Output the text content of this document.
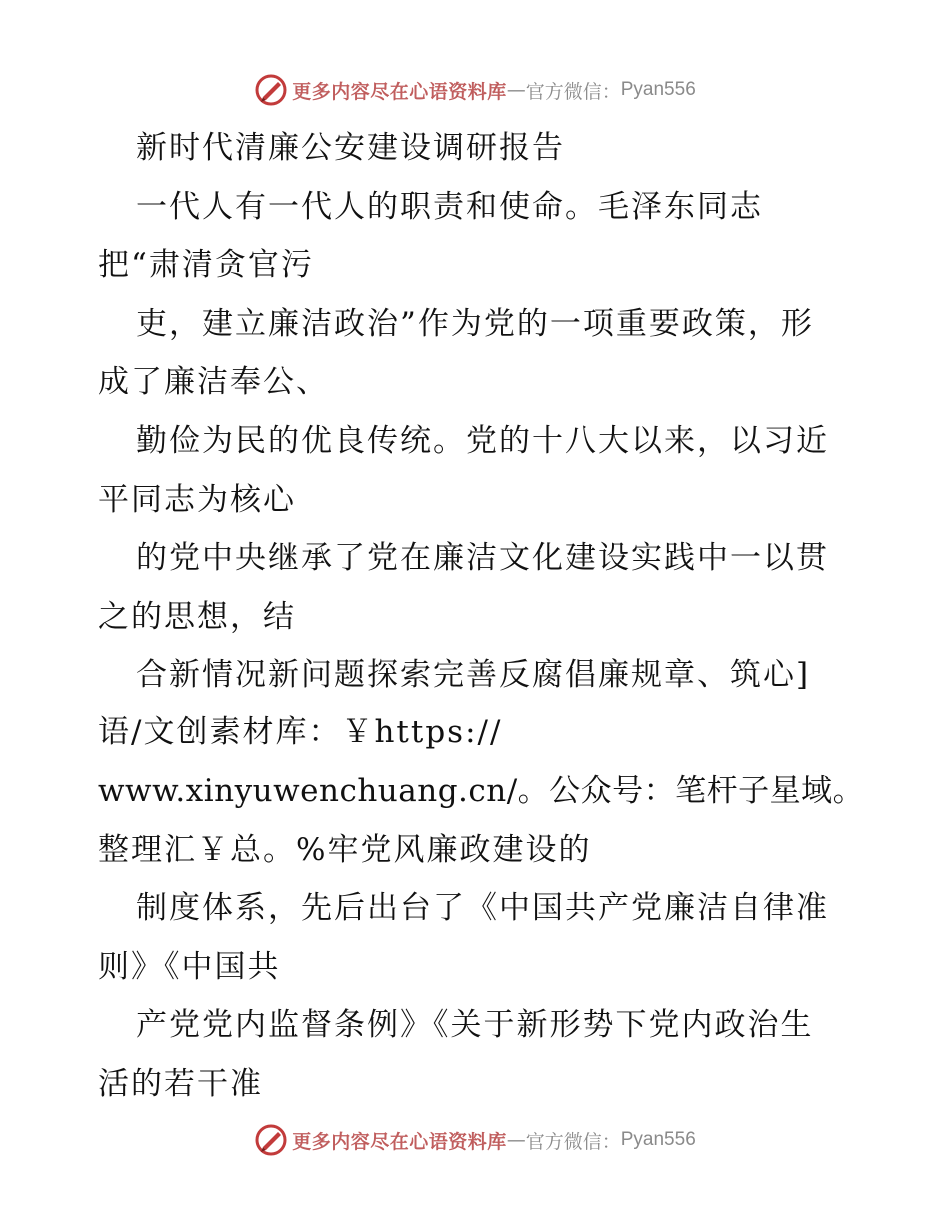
更多内容尽在心语资料库 — 官方微信： Pyan556
新时代清廉公安建设调研报告
一代人有一代人的职责和使命。毛泽东同志
把“肃清贪官污
吏，建立廉洁政治”作为党的一项重要政策，形
成了廉洁奉公、
勤俭为民的优良传统。党的十八大以来，以习近
平同志为核心
的党中央继承了党在廉洁文化建设实践中一以贯
之的思想，结
合新情况新问题探索完善反腐倡廉规章、筑心]
语/文创素材库：￥https://
www.xinyuwenchuang.cn/。公众号：笔杆子星域。
整理汇￥总。%牢党风廉政建设的
制度体系，先后出台了《中国共产党廉洁自律准
则》《中国共
产党党内监督条例》《关于新形势下党内政治生
活的若干准
更多内容尽在心语资料库 — 官方微信： Pyan556
